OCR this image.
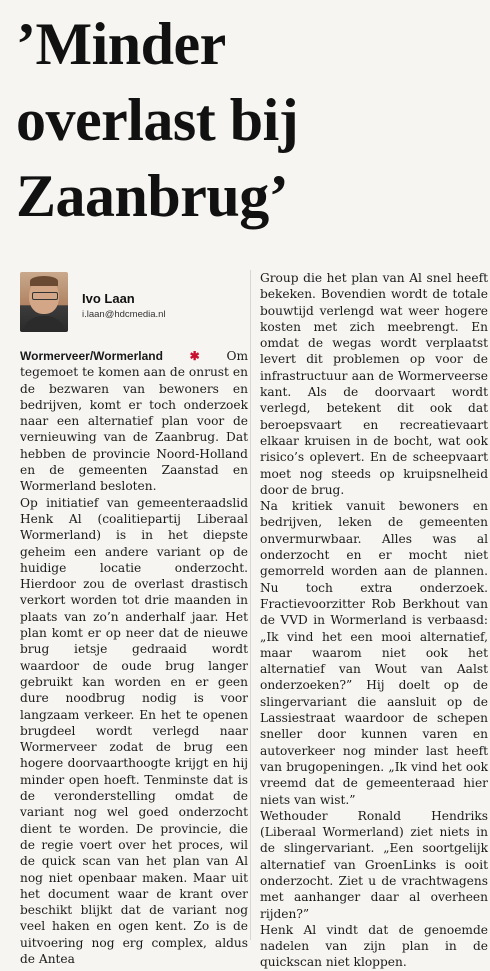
’Minder
overlast bij
Zaanbrug’
Ivo Laan
i.laan@hdcmedia.nl

Wormerveer/Wormerland ✱ Om tegemoet te komen aan de onrust en de bezwaren van bewoners en bedrijven, komt er toch onderzoek naar een alternatief plan voor de vernieuwing van de Zaanbrug. Dat hebben de provincie Noord-Holland en de gemeenten Zaanstad en Wormerland besloten.

Op initiatief van gemeenteraadslid Henk Al (coalitiepartij Liberaal Wormerland) is in het diepste geheim een andere variant op de huidige locatie onderzocht. Hierdoor zou de overlast drastisch verkort worden tot drie maanden in plaats van zo’n anderhalf jaar. Het plan komt er op neer dat de nieuwe brug ietsje gedraaid wordt waardoor de oude brug langer gebruikt kan worden en er geen dure noodbrug nodig is voor langzaam verkeer. En het te openen brugdeel wordt verlegd naar Wormerveer zodat de brug een hogere doorvaarthoogte krijgt en hij minder open hoeft. Tenminste dat is de veronderstelling omdat de variant nog wel goed onderzocht dient te worden. De provincie, die de regie voert over het proces, wil de quick scan van het plan van Al nog niet openbaar maken. Maar uit het document waar de krant over beschikt blijkt dat de variant nog veel haken en ogen kent. Zo is de uitvoering nog erg complex, aldus de Antea

Group die het plan van Al snel heeft bekeken. Bovendien wordt de totale bouwtijd verlengd wat weer hogere kosten met zich meebrengt. En omdat de wegas wordt verplaatst levert dit problemen op voor de infrastructuur aan de Wormerveerse kant. Als de doorvaart wordt verlegd, betekent dit ook dat beroepsvaart en recreatievaart elkaar kruisen in de bocht, wat ook risico’s oplevert. En de scheepvaart moet nog steeds op kruipsnelheid door de brug.

Na kritiek vanuit bewoners en bedrijven, leken de gemeenten onvermurwbaar. Alles was al onderzocht en er mocht niet gemorreld worden aan de plannen. Nu toch extra onderzoek. Fractievoorzitter Rob Berkhout van de VVD in Wormerland is verbaasd: „Ik vind het een mooi alternatief, maar waarom niet ook het alternatief van Wout van Aalst onderzoeken?” Hij doelt op de slingervariant die aansluit op de Lassiestraat waardoor de schepen sneller door kunnen varen en autoverkeer nog minder last heeft van brugopeningen. „Ik vind het ook vreemd dat de gemeenteraad hier niets van wist.”

Wethouder Ronald Hendriks (Liberaal Wormerland) ziet niets in de slingervariant. „Een soortgelijk alternatief van GroenLinks is ooit onderzocht. Ziet u de vrachtwagens met aanhanger daar al overheen rijden?”

Henk Al vindt dat de genoemde nadelen van zijn plan in de quickscan niet kloppen.
